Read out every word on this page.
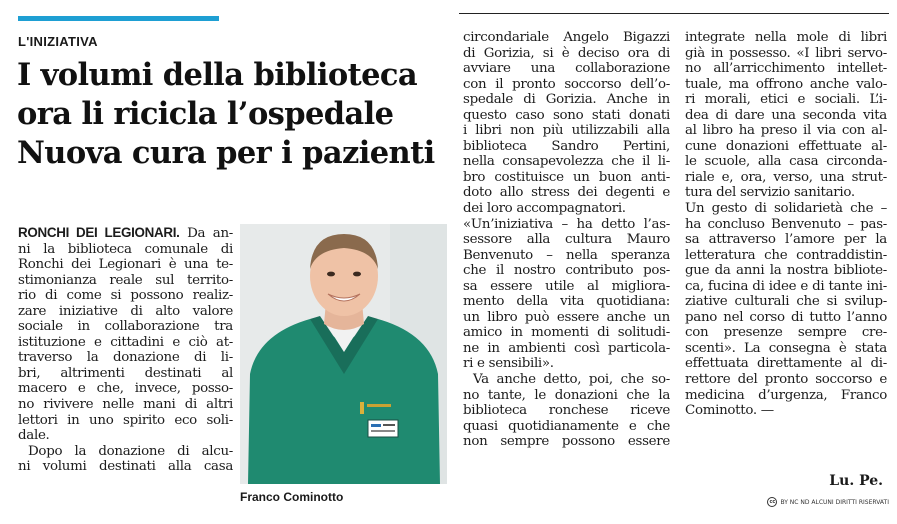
L'INIZIATIVA
I volumi della biblioteca
ora li ricicla l’ospedale
Nuova cura per i pazienti
RONCHI DEI LEGIONARI. Da an-
ni la biblioteca comunale di
Ronchi dei Legionari è una te-
stimonianza reale sul territo-
rio di come si possono realiz-
zare iniziative di alto valore
sociale in collaborazione tra
istituzione e cittadini e ciò at-
traverso la donazione di li-
bri, altrimenti destinati al
macero e che, invece, posso-
no rivivere nelle mani di altri
lettori in uno spirito eco soli-
dale.
Dopo la donazione di alcu-
ni volumi destinati alla casa
Franco Cominotto
circondariale Angelo Bigazzi
di Gorizia, si è deciso ora di
avviare una collaborazione
con il pronto soccorso dell’o-
spedale di Gorizia. Anche in
questo caso sono stati donati
i libri non più utilizzabili alla
biblioteca Sandro Pertini,
nella consapevolezza che il li-
bro costituisce un buon anti-
doto allo stress dei degenti e
dei loro accompagnatori.
«Un’iniziativa – ha detto l’as-
sessore alla cultura Mauro
Benvenuto – nella speranza
che il nostro contributo pos-
sa essere utile al migliora-
mento della vita quotidiana:
un libro può essere anche un
amico in momenti di solitudi-
ne in ambienti così particola-
ri e sensibili».
Va anche detto, poi, che so-
no tante, le donazioni che la
biblioteca ronchese riceve
quasi quotidianamente e che
non sempre possono essere
integrate nella mole di libri
già in possesso. «I libri servo-
no all’arricchimento intellet-
tuale, ma offrono anche valo-
ri morali, etici e sociali. L’i-
dea di dare una seconda vita
al libro ha preso il via con al-
cune donazioni effettuate al-
le scuole, alla casa circonda-
riale e, ora, verso, una strut-
tura del servizio sanitario.
Un gesto di solidarietà che –
ha concluso Benvenuto – pas-
sa attraverso l’amore per la
letteratura che contraddistin-
gue da anni la nostra bibliote-
ca, fucina di idee e di tante ini-
ziative culturali che si svilup-
pano nel corso di tutto l’anno
con presenze sempre cre-
scenti». La consegna è stata
effettuata direttamente al di-
rettore del pronto soccorso e
medicina d’urgenza, Franco
Cominotto. —
Lu. Pe.
cc BY NC ND ALCUNI DIRITTI RISERVATI
